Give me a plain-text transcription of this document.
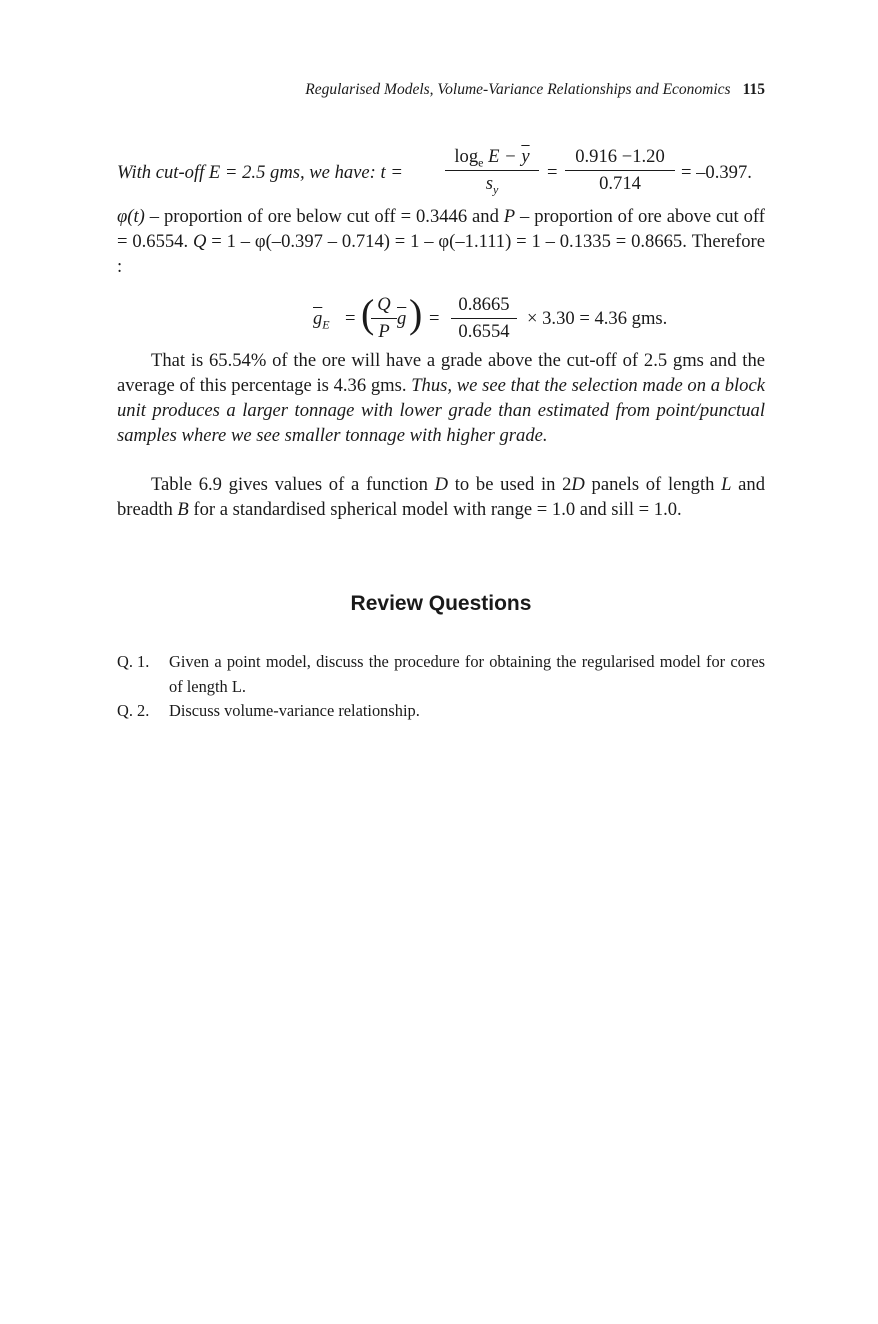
Regularised Models, Volume-Variance Relationships and Economics 115
With cut-off E = 2.5 gms, we have: t =
$\log_e E - \overline{y}$
$s_y$
=
0.916 −1.20
0.714
= –0.397.
φ(t) – proportion of ore below cut off = 0.3446 and P – proportion of ore above cut off = 0.6554. Q = 1 – φ(–0.397 – 0.714) = 1 – φ(–1.111) = 1 – 0.1335 = 0.8665. Therefore :
$\overline{g}_E$ = ( Q
P
$\overline{g}$ ) =
0.8665
0.6554
× 3.30 = 4.36 gms.
That is 65.54% of the ore will have a grade above the cut-off of 2.5 gms and the average of this percentage is 4.36 gms. Thus, we see that the selection made on a block unit produces a larger tonnage with lower grade than estimated from point/punctual samples where we see smaller tonnage with higher grade.
Table 6.9 gives values of a function D to be used in 2D panels of length L and breadth B for a standardised spherical model with range = 1.0 and sill = 1.0.
Review Questions
Q. 1.	Given a point model, discuss the procedure for obtaining the regularised model for cores of length L.
Q. 2.	Discuss volume-variance relationship.
